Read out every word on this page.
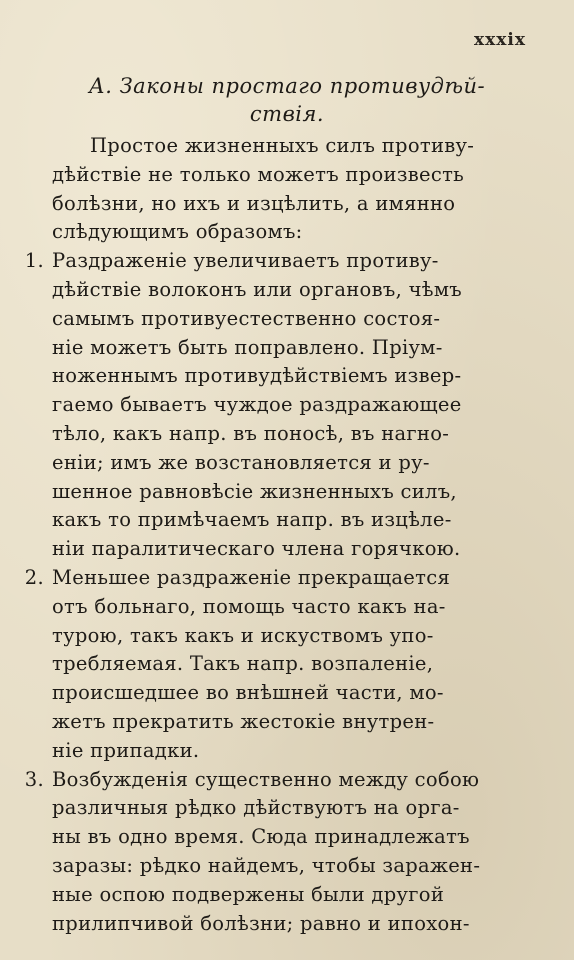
xxxix
А. Законы простаго противудѣй-
ствія.
Простое жизненныхъ силъ противу-
дѣйствіе не только можетъ произвесть
болѣзни, но ихъ и изцѣлить, а имянно
слѣдующимъ образомъ:
1. Раздраженіе увеличиваетъ противу-
дѣйствіе волоконъ или органовъ, чѣмъ
самымъ противуестественно состоя-
ніе можетъ быть поправлено. Пріум-
ноженнымъ противудѣйствіемъ извер-
гаемо бываетъ чуждое раздражающее
тѣло, какъ напр. въ поносѣ, въ нагно-
еніи; имъ же возстановляется и ру-
шенное равновѣсіе жизненныхъ силъ,
какъ то примѣчаемъ напр. въ изцѣле-
ніи паралитическаго члена горячкою.
2. Меньшее раздраженіе прекращается
отъ больнаго, помощь часто какъ на-
турою, такъ какъ и искуствомъ упо-
требляемая. Такъ напр. возпаленіе,
происшедшее во внѣшней части, мо-
жетъ прекратить жестокіе внутрен-
ніе припадки.
3. Возбужденія существенно между собою
различныя рѣдко дѣйствуютъ на орга-
ны въ одно время. Сюда принадлежатъ
заразы: рѣдко найдемъ, чтобы заражен-
ные оспою подвержены были другой
прилипчивой болѣзни; равно и ипохон-
